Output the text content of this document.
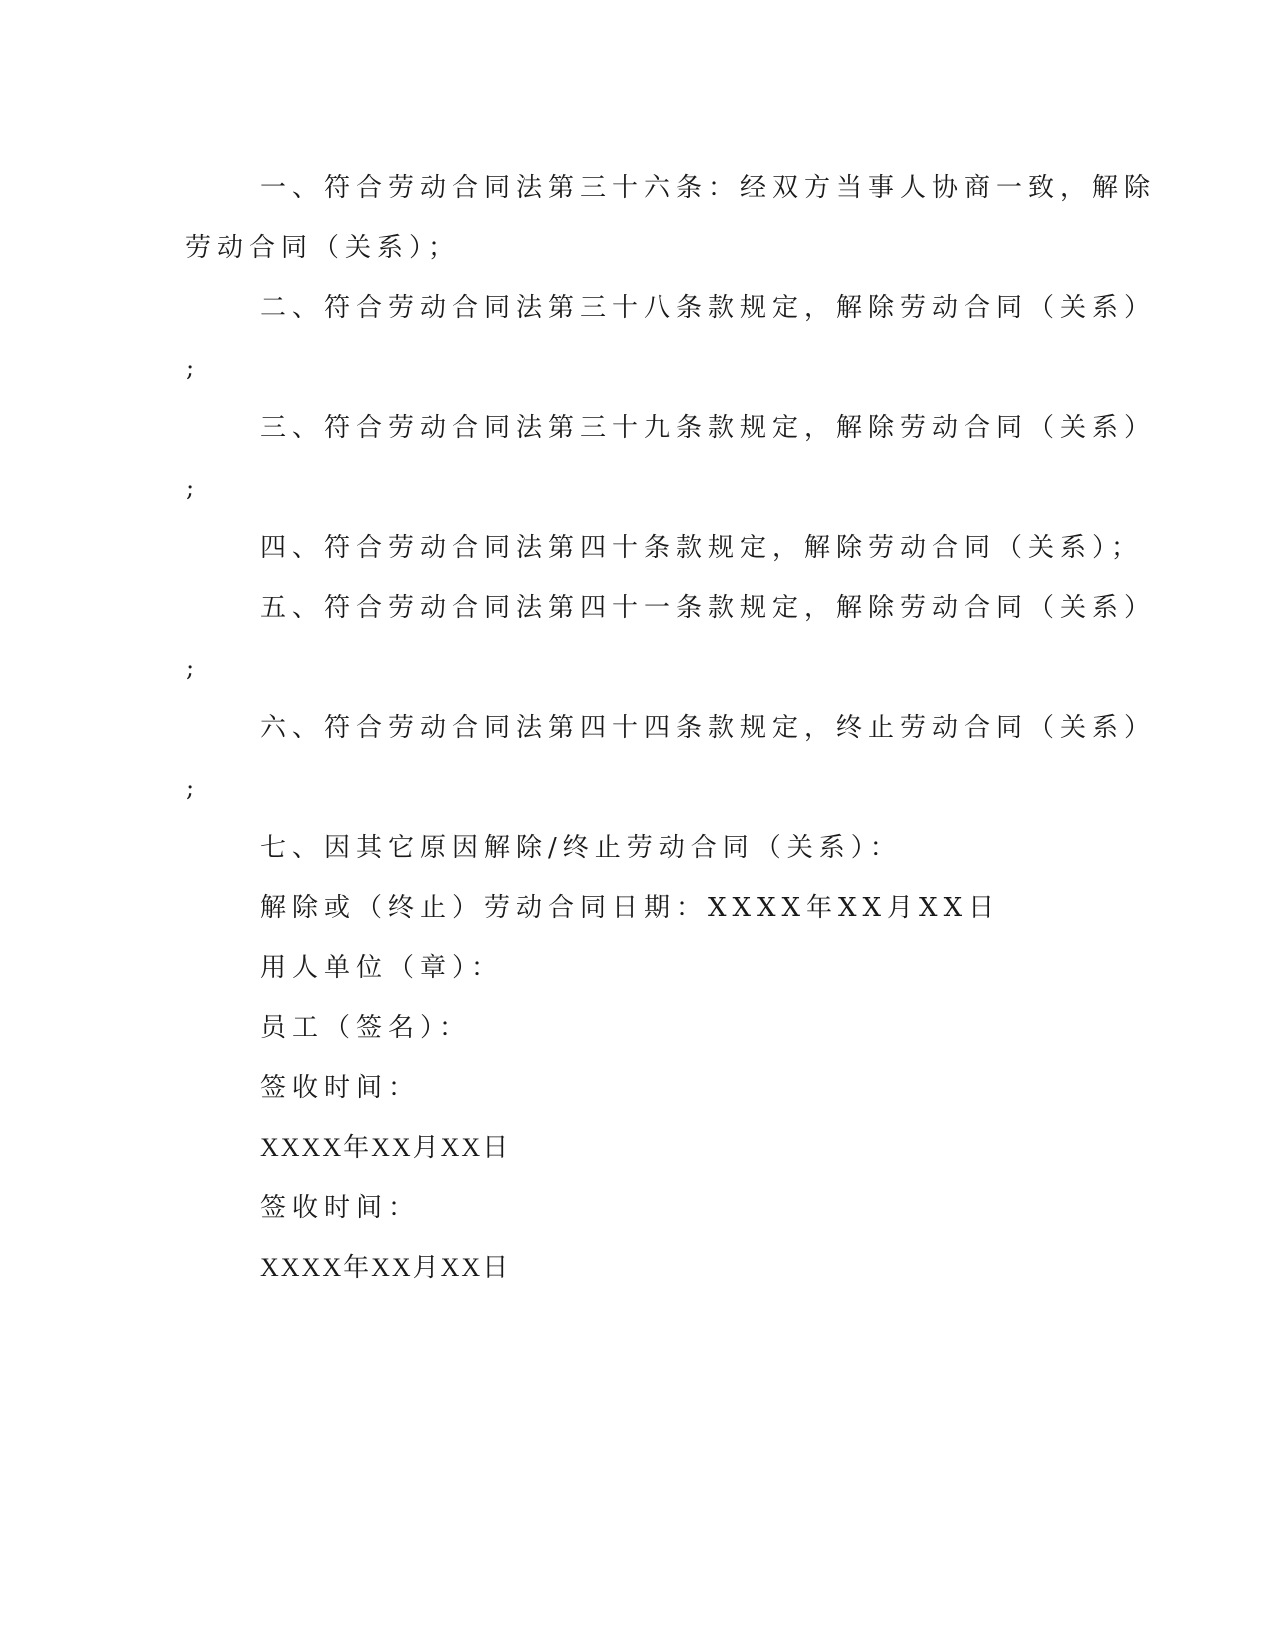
一、符合劳动合同法第三十六条：经双方当事人协商一致，解除
劳动合同（关系）；
二、符合劳动合同法第三十八条款规定，解除劳动合同（关系）
;
三、符合劳动合同法第三十九条款规定，解除劳动合同（关系）
;
四、符合劳动合同法第四十条款规定，解除劳动合同（关系）；
五、符合劳动合同法第四十一条款规定，解除劳动合同（关系）
;
六、符合劳动合同法第四十四条款规定，终止劳动合同（关系）
;
七、因其它原因解除/终止劳动合同（关系）：
解除或（终止）劳动合同日期：XXXX年XX月XX日
用人单位（章）：
员工（签名）：
签收时间：
XXXX年XX月XX日
签收时间：
XXXX年XX月XX日
